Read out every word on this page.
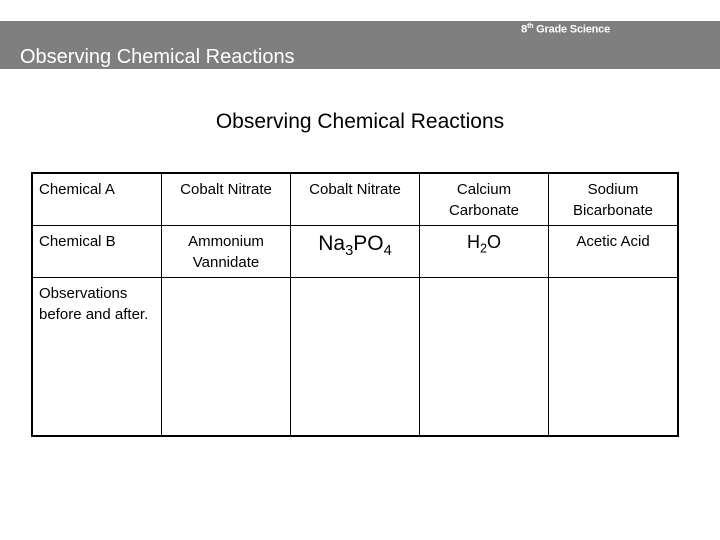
8th Grade Science
Observing Chemical Reactions
Observing Chemical Reactions
Chemical A	Cobalt Nitrate	Cobalt Nitrate	Calcium Carbonate	Sodium Bicarbonate
Chemical B	Ammonium Vannidate	$Na_3PO_4$	$H_2O$	Acetic Acid
Observations before and after.				
